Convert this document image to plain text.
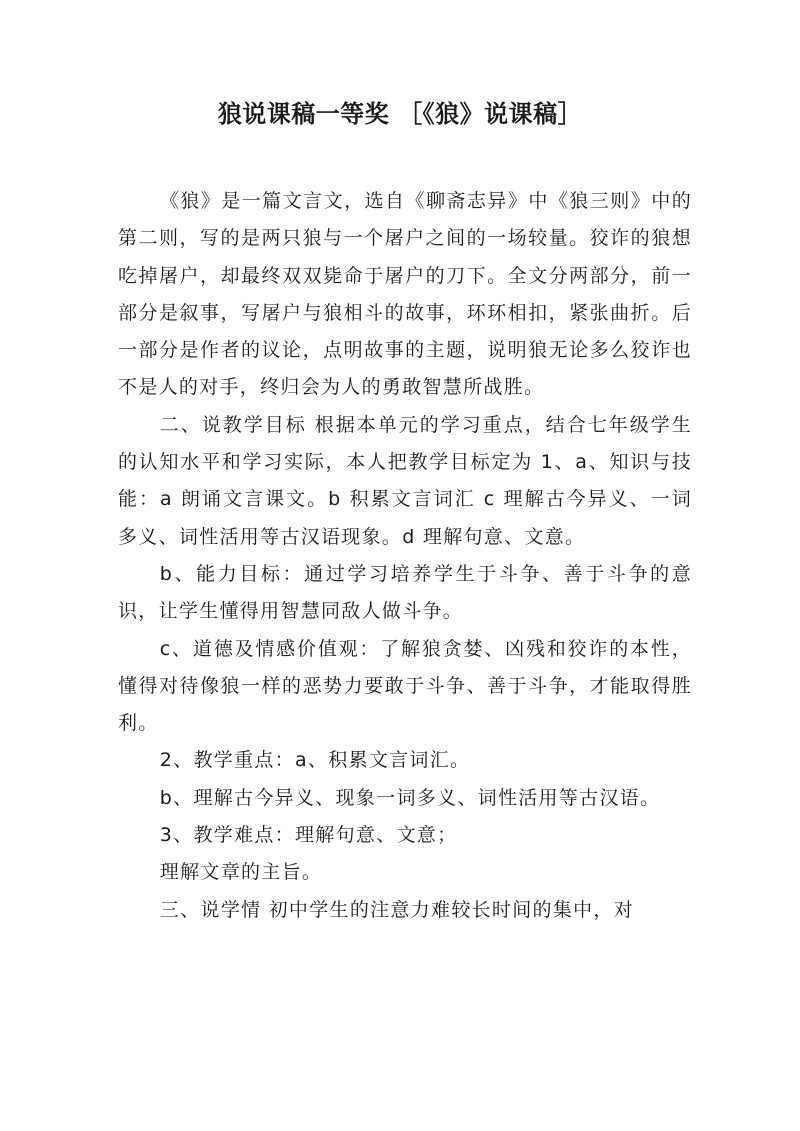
狼说课稿一等奖 ［《狼》说课稿］

《狼》是一篇文言文，选自《聊斋志异》中《狼三则》中的第二则，写的是两只狼与一个屠户之间的一场较量。狡诈的狼想吃掉屠户，却最终双双毙命于屠户的刀下。全文分两部分，前一部分是叙事，写屠户与狼相斗的故事，环环相扣，紧张曲折。后一部分是作者的议论，点明故事的主题，说明狼无论多么狡诈也不是人的对手，终归会为人的勇敢智慧所战胜。

二、说教学目标 根据本单元的学习重点，结合七年级学生的认知水平和学习实际，本人把教学目标定为 1、a、知识与技能：a 朗诵文言课文。b 积累文言词汇 c 理解古今异义、一词多义、词性活用等古汉语现象。d 理解句意、文意。

b、能力目标：通过学习培养学生于斗争、善于斗争的意识，让学生懂得用智慧同敌人做斗争。

c、道德及情感价值观：了解狼贪婪、凶残和狡诈的本性，懂得对待像狼一样的恶势力要敢于斗争、善于斗争，才能取得胜利。

2、教学重点：a、积累文言词汇。

b、理解古今异义、现象一词多义、词性活用等古汉语。

3、教学难点：理解句意、文意；

理解文章的主旨。

三、说学情 初中学生的注意力难较长时间的集中，对
